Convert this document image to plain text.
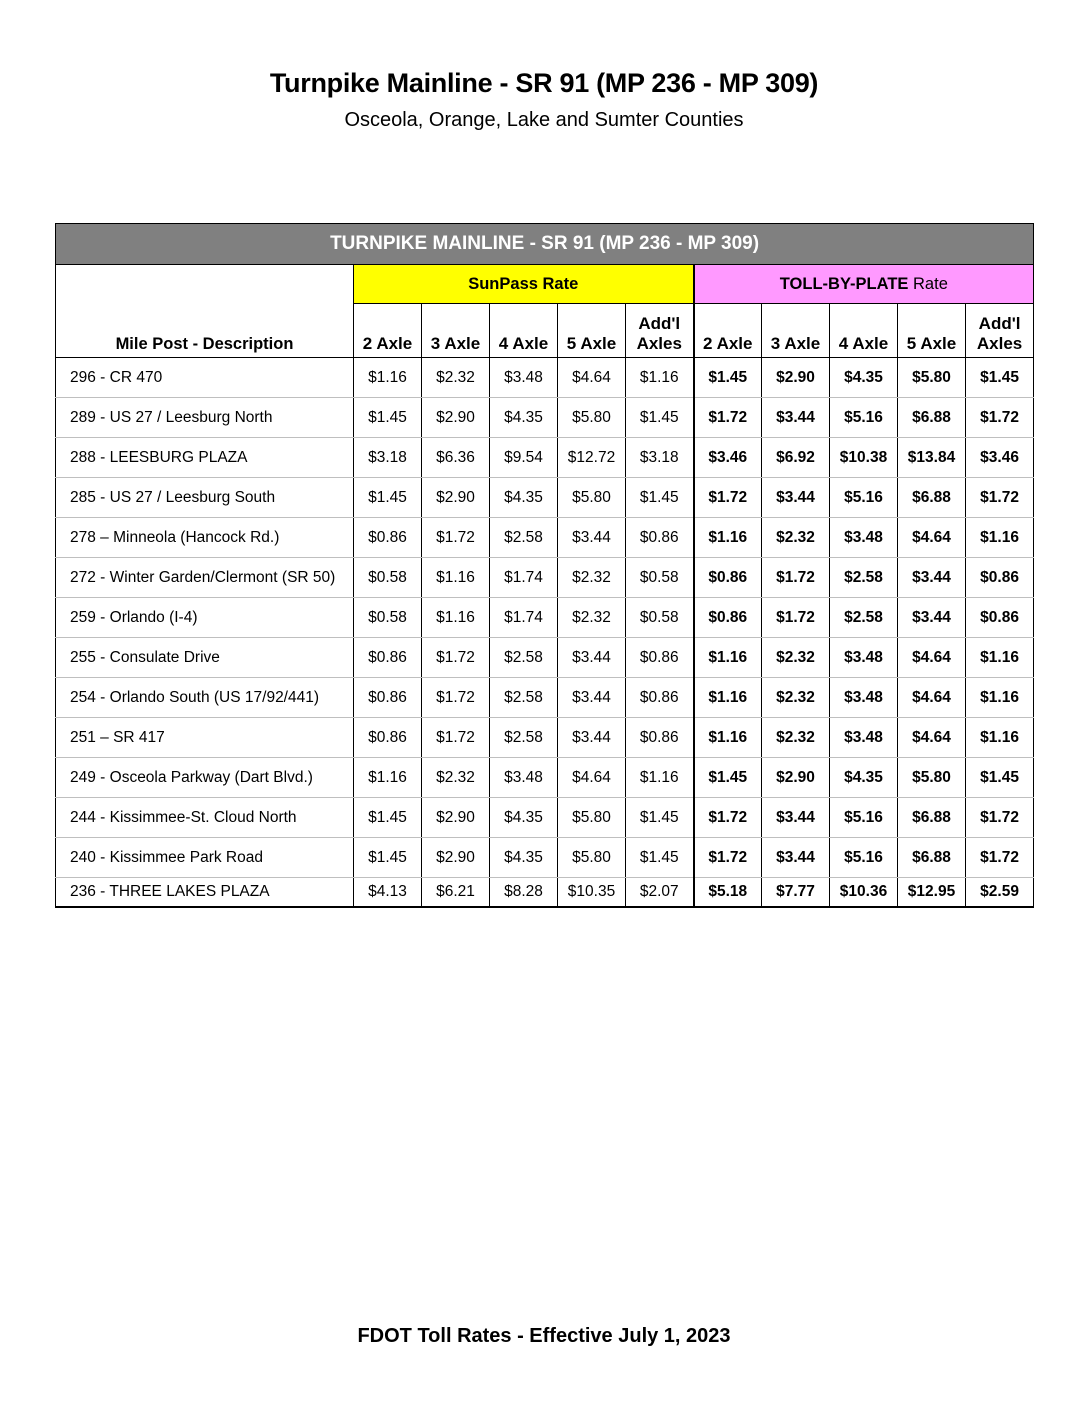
Turnpike Mainline - SR 91 (MP 236 - MP 309)
Osceola, Orange, Lake and Sumter Counties
TURNPIKE MAINLINE - SR 91 (MP 236 - MP 309)										
Mile Post - Description	SunPass Rate					TOLL-BY-PLATE Rate				
	2 Axle	3 Axle	4 Axle	5 Axle	Add'l Axles	2 Axle	3 Axle	4 Axle	5 Axle	Add'l Axles
296 - CR 470	$1.16	$2.32	$3.48	$4.64	$1.16	$1.45	$2.90	$4.35	$5.80	$1.45
289 - US 27 / Leesburg North	$1.45	$2.90	$4.35	$5.80	$1.45	$1.72	$3.44	$5.16	$6.88	$1.72
288 - LEESBURG PLAZA	$3.18	$6.36	$9.54	$12.72	$3.18	$3.46	$6.92	$10.38	$13.84	$3.46
285 - US 27 / Leesburg South	$1.45	$2.90	$4.35	$5.80	$1.45	$1.72	$3.44	$5.16	$6.88	$1.72
278 – Minneola (Hancock Rd.)	$0.86	$1.72	$2.58	$3.44	$0.86	$1.16	$2.32	$3.48	$4.64	$1.16
272 - Winter Garden/Clermont (SR 50)	$0.58	$1.16	$1.74	$2.32	$0.58	$0.86	$1.72	$2.58	$3.44	$0.86
259 - Orlando (I-4)	$0.58	$1.16	$1.74	$2.32	$0.58	$0.86	$1.72	$2.58	$3.44	$0.86
255 - Consulate Drive	$0.86	$1.72	$2.58	$3.44	$0.86	$1.16	$2.32	$3.48	$4.64	$1.16
254 - Orlando South (US 17/92/441)	$0.86	$1.72	$2.58	$3.44	$0.86	$1.16	$2.32	$3.48	$4.64	$1.16
251 – SR 417	$0.86	$1.72	$2.58	$3.44	$0.86	$1.16	$2.32	$3.48	$4.64	$1.16
249 - Osceola Parkway (Dart Blvd.)	$1.16	$2.32	$3.48	$4.64	$1.16	$1.45	$2.90	$4.35	$5.80	$1.45
244 - Kissimmee-St. Cloud North	$1.45	$2.90	$4.35	$5.80	$1.45	$1.72	$3.44	$5.16	$6.88	$1.72
240 - Kissimmee Park Road	$1.45	$2.90	$4.35	$5.80	$1.45	$1.72	$3.44	$5.16	$6.88	$1.72
236 - THREE LAKES PLAZA	$4.13	$6.21	$8.28	$10.35	$2.07	$5.18	$7.77	$10.36	$12.95	$2.59
FDOT Toll Rates - Effective July 1, 2023
